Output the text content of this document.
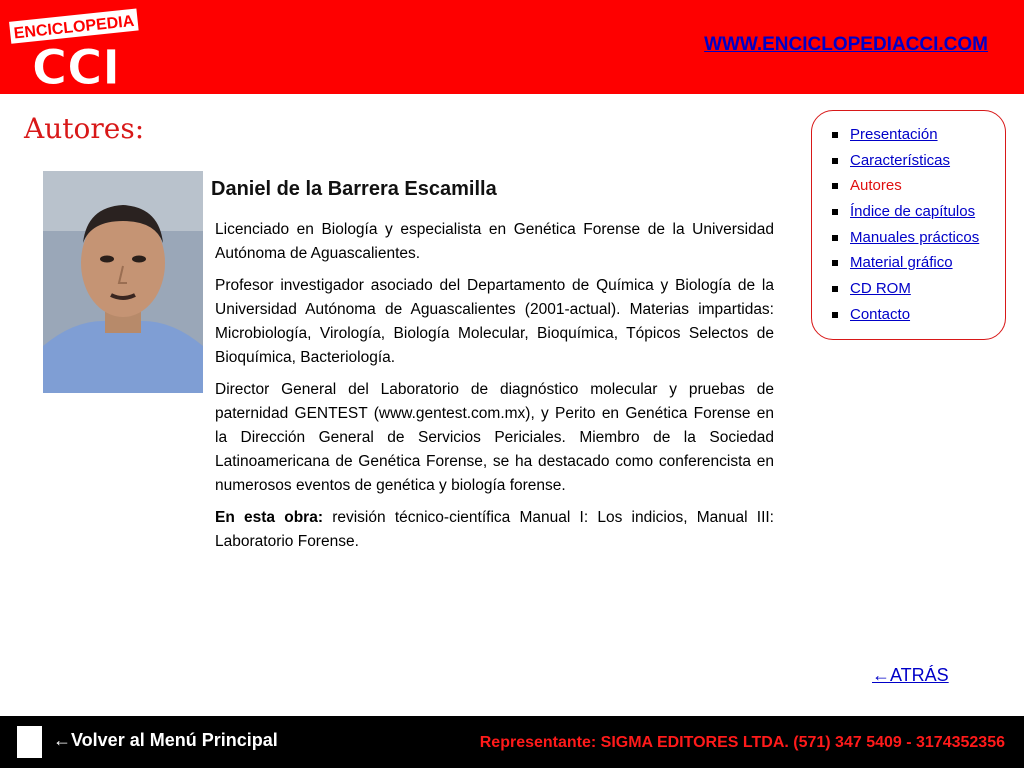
ENCICLOPEDIA
CCI	WWW.ENCICLOPEDIACCI.COM
Autores:
Daniel de la Barrera Escamilla

Licenciado en Biología y especialista en Genética Forense de la Universidad Autónoma de Aguascalientes.

Profesor investigador asociado del Departamento de Química y Biología de la Universidad Autónoma de Aguascalientes (2001-actual). Materias impartidas: Microbiología, Virología, Biología Molecular, Bioquímica, Tópicos Selectos de Bioquímica, Bacteriología.

Director General del Laboratorio de diagnóstico molecular y pruebas de paternidad GENTEST (www.gentest.com.mx), y Perito en Genética Forense en la Dirección General de Servicios Periciales. Miembro de la Sociedad Latinoamericana de Genética Forense, se ha destacado como conferencista en numerosos eventos de genética y biología forense.

En esta obra: revisión técnico-científica Manual I: Los indicios, Manual III: Laboratorio Forense.

Presentación
Características
Autores
Índice de capítulos
Manuales prácticos
Material gráfico
CD ROM
Contacto
←ATRÁS
←Volver al Menú Principal	Representante: SIGMA EDITORES LTDA. (571) 347 5409 - 3174352356
